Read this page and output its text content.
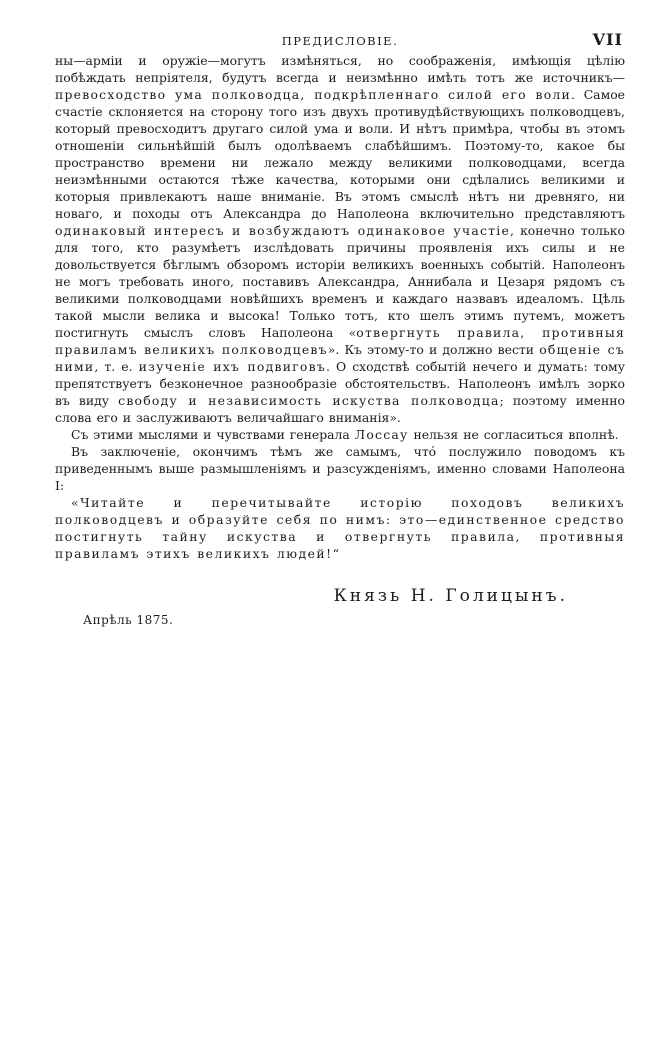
ПРЕДИСЛОВІЕ.	VII

ны—арміи и оружіе—могутъ измѣняться, но соображенія, имѣющія цѣлію побѣждать непріятеля, будутъ всегда и неизмѣнно имѣть тотъ же источникъ—превосходство ума полководца, подкрѣпленнаго силой его воли. Самое счастіе склоняется на сторону того изъ двухъ противудѣйствующихъ полководцевъ, который превосходитъ другаго силой ума и воли. И нѣтъ примѣра, чтобы въ этомъ отношеніи сильнѣйшій былъ одолѣваемъ слабѣйшимъ. Поэтому-то, какое бы пространство времени ни лежало между великими полководцами, всегда неизмѣнными остаются тѣже качества, которыми они сдѣлались великими и которыя привлекаютъ наше вниманіе. Въ этомъ смыслѣ нѣтъ ни древняго, ни новаго, и походы отъ Александра до Наполеона включительно представляютъ одинаковый интересъ и возбуждаютъ одинаковое участіе, конечно только для того, кто разумѣетъ изслѣдовать причины проявленія ихъ силы и не довольствуется бѣглымъ обзоромъ исторіи великихъ военныхъ событій. Наполеонъ не могъ требовать иного, поставивъ Александра, Аннибала и Цезаря рядомъ съ великими полководцами новѣйшихъ временъ и каждаго назвавъ идеаломъ. Цѣль такой мысли велика и высока! Только тотъ, кто шелъ этимъ путемъ, можетъ постигнуть смыслъ словъ Наполеона «отвергнуть правила, противныя правиламъ великихъ полководцевъ». Къ этому-то и должно вести общеніе съ ними, т. е. изученіе ихъ подвиговъ. О сходствѣ событій нечего и думать: тому препятствуетъ безконечное разнообразіе обстоятельствъ. Наполеонъ имѣлъ зорко въ виду свободу и независимость искуства полководца; поэтому именно слова его и заслуживаютъ величайшаго вниманія».

Съ этими мыслями и чувствами генерала Лоссау нельзя не согласиться вполнѣ.

Въ заключеніе, окончимъ тѣмъ же самымъ, чтó послужило поводомъ къ приведеннымъ выше размышленіямъ и разсужденіямъ, именно словами Наполеона I:

«Читайте и перечитывайте исторію походовъ великихъ полководцевъ и образуйте себя по нимъ: это—единственное средство постигнуть тайну искуства и отвергнуть правила, противныя правиламъ этихъ великихъ людей!“

Князь Н. Голицынъ.
Апрѣль 1875.
